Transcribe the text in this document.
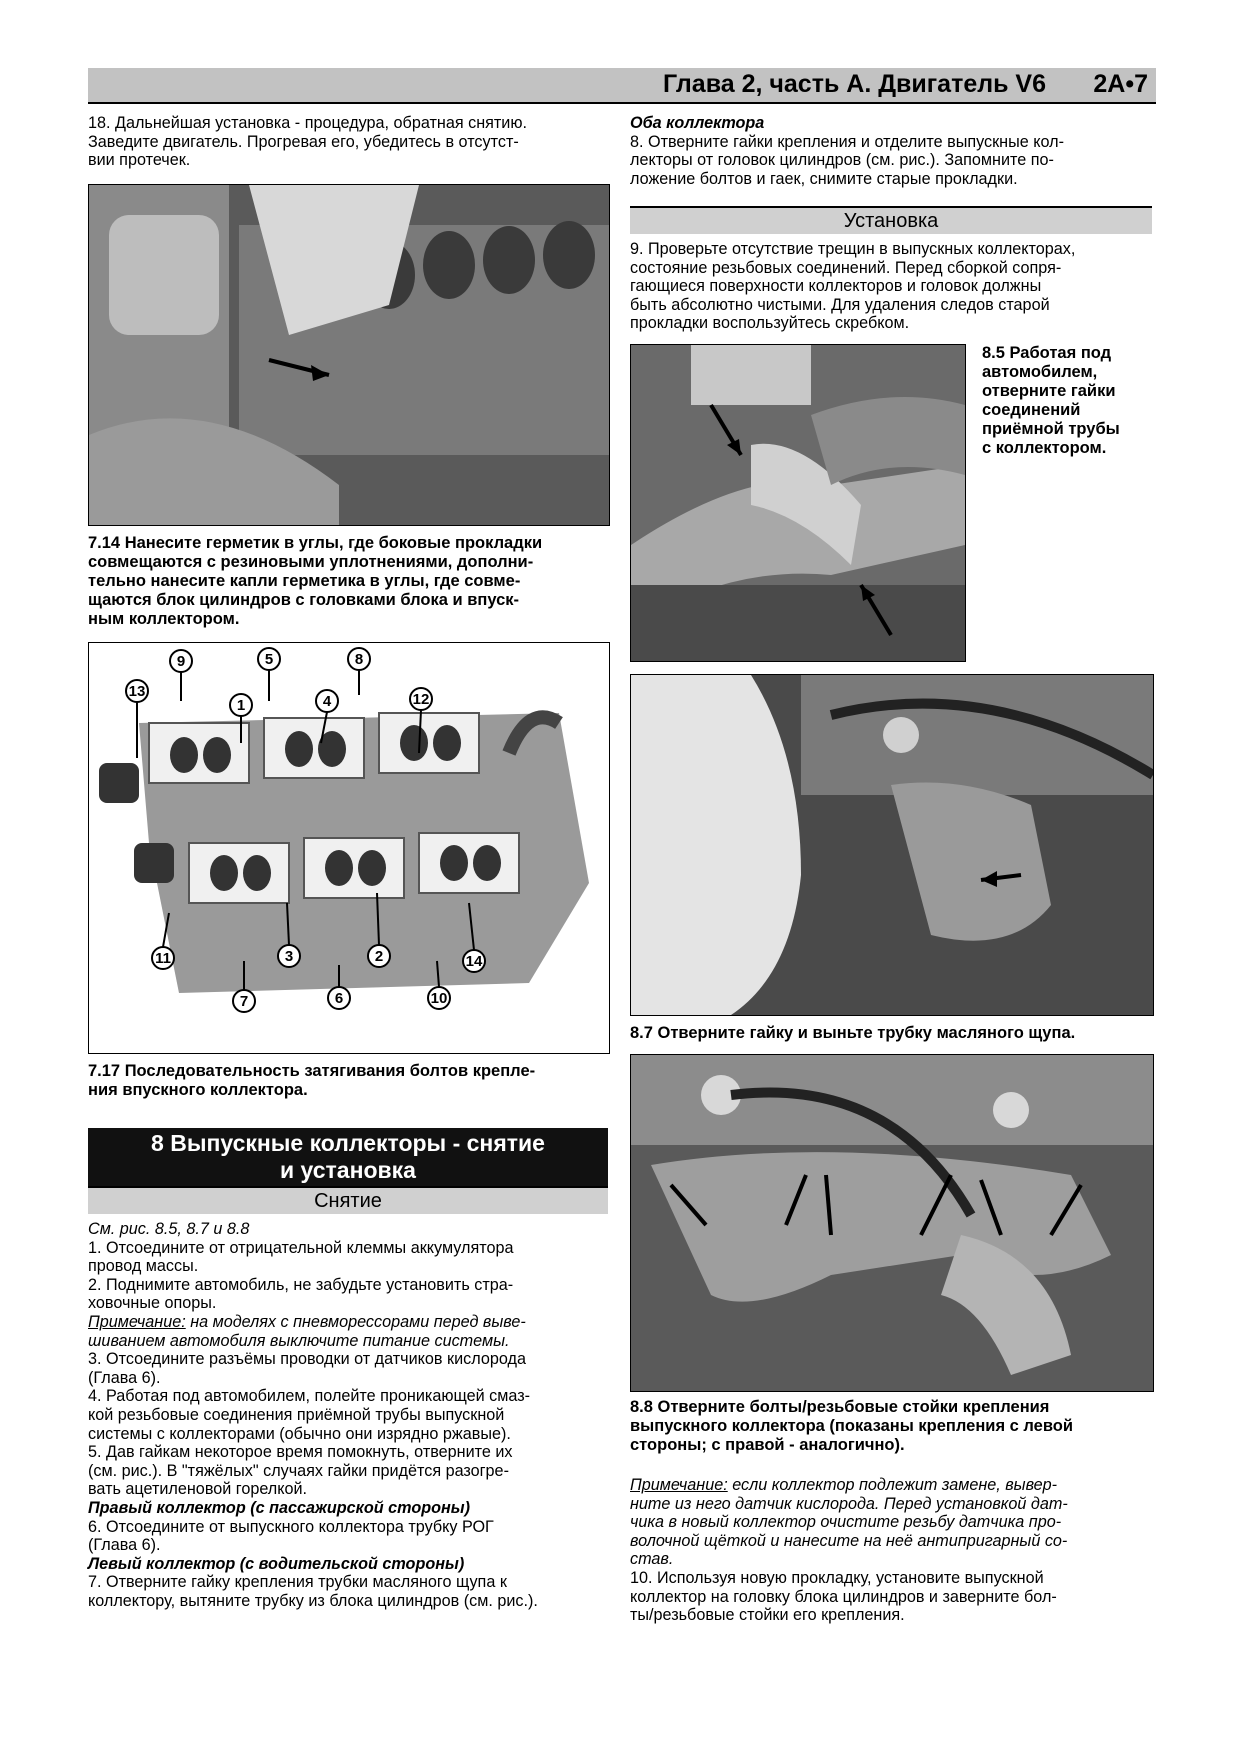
Глава 2, часть А. Двигатель V6 2A•7

18. Дальнейшая установка - процедура, обратная снятию.

Заведите двигатель. Прогревая его, убедитесь в отсутст-

вии протечек.

7.14 Нанесите герметик в углы, где боковые прокладки
совмещаются с резиновыми уплотнениями, дополни-
тельно нанесите капли герметика в углы, где совме-
щаются блок цилиндров с головками блока и впуск-
ным коллектором.
9	5	8
13
1	4	12
11	3	2	14
7	6	10
7.17 Последовательность затягивания болтов крепле-
ния впускного коллектора.
8 Выпускные коллекторы - снятие
и установка
Снятие

См. рис. 8.5, 8.7 и 8.8

1. Отсоедините от отрицательной клеммы аккумулятора

провод массы.

2. Поднимите автомобиль, не забудьте установить стра-

ховочные опоры.

Примечание: на моделях с пневморессорами перед выве-

шиванием автомобиля выключите питание системы.

3. Отсоедините разъёмы проводки от датчиков кислорода

(Глава 6).

4. Работая под автомобилем, полейте проникающей смаз-

кой резьбовые соединения приёмной трубы выпускной

системы с коллекторами (обычно они изрядно ржавые).

5. Дав гайкам некоторое время помокнуть, отверните их

(см. рис.). В "тяжёлых" случаях гайки придётся разогре-

вать ацетиленовой горелкой.

Правый коллектор (с пассажирской стороны)

6. Отсоедините от выпускного коллектора трубку РОГ

(Глава 6).

Левый коллектор (с водительской стороны)

7. Отверните гайку крепления трубки масляного щупа к

коллектору, вытяните трубку из блока цилиндров (см. рис.).

Оба коллектора

8. Отверните гайки крепления и отделите выпускные кол-

лекторы от головок цилиндров (см. рис.). Запомните по-

ложение болтов и гаек, снимите старые прокладки.

Установка

9. Проверьте отсутствие трещин в выпускных коллекторах,

состояние резьбовых соединений. Перед сборкой сопря-

гающиеся поверхности коллекторов и головок должны

быть абсолютно чистыми. Для удаления следов старой

прокладки воспользуйтесь скребком.

8.5 Работая под
автомобилем,
отверните гайки
соединений
приёмной трубы
с коллектором.
8.7 Отверните гайку и выньте трубку масляного щупа.
8.8 Отверните болты/резьбовые стойки крепления
выпускного коллектора (показаны крепления с левой
стороны; с правой - аналогично).

Примечание: если коллектор подлежит замене, вывер-

ните из него датчик кислорода. Перед установкой дат-

чика в новый коллектор очистите резьбу датчика про-

волочной щёткой и нанесите на неё антипригарный со-

став.

10. Используя новую прокладку, установите выпускной

коллектор на головку блока цилиндров и заверните бол-

ты/резьбовые стойки его крепления.
